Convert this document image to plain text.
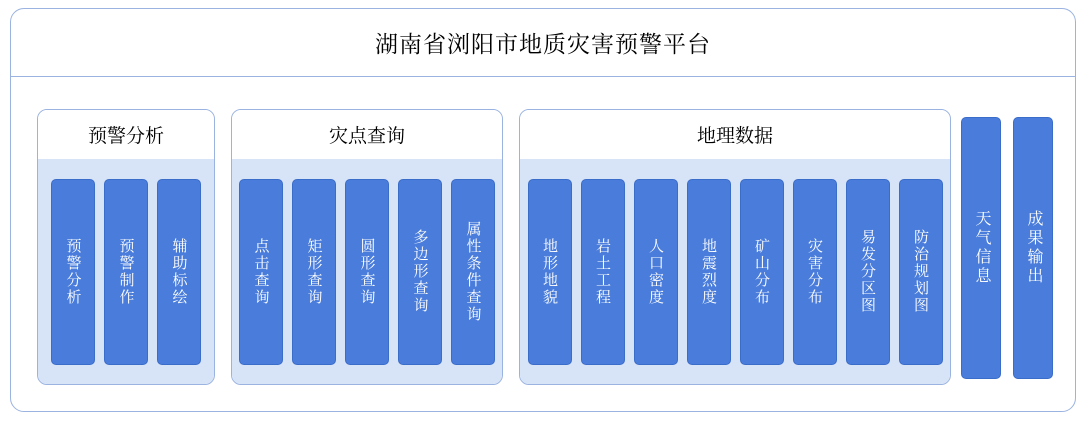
湖南省浏阳市地质灾害预警平台
预警分析
预警分析	预警制作	辅助标绘
灾点查询
点击查询	矩形查询	圆形查询	多边形查询	属性条件查询
地理数据
地形地貌	岩土工程	人口密度	地震烈度	矿山分布	灾害分布	易发分区图	防治规划图	天气信息	成果输出
